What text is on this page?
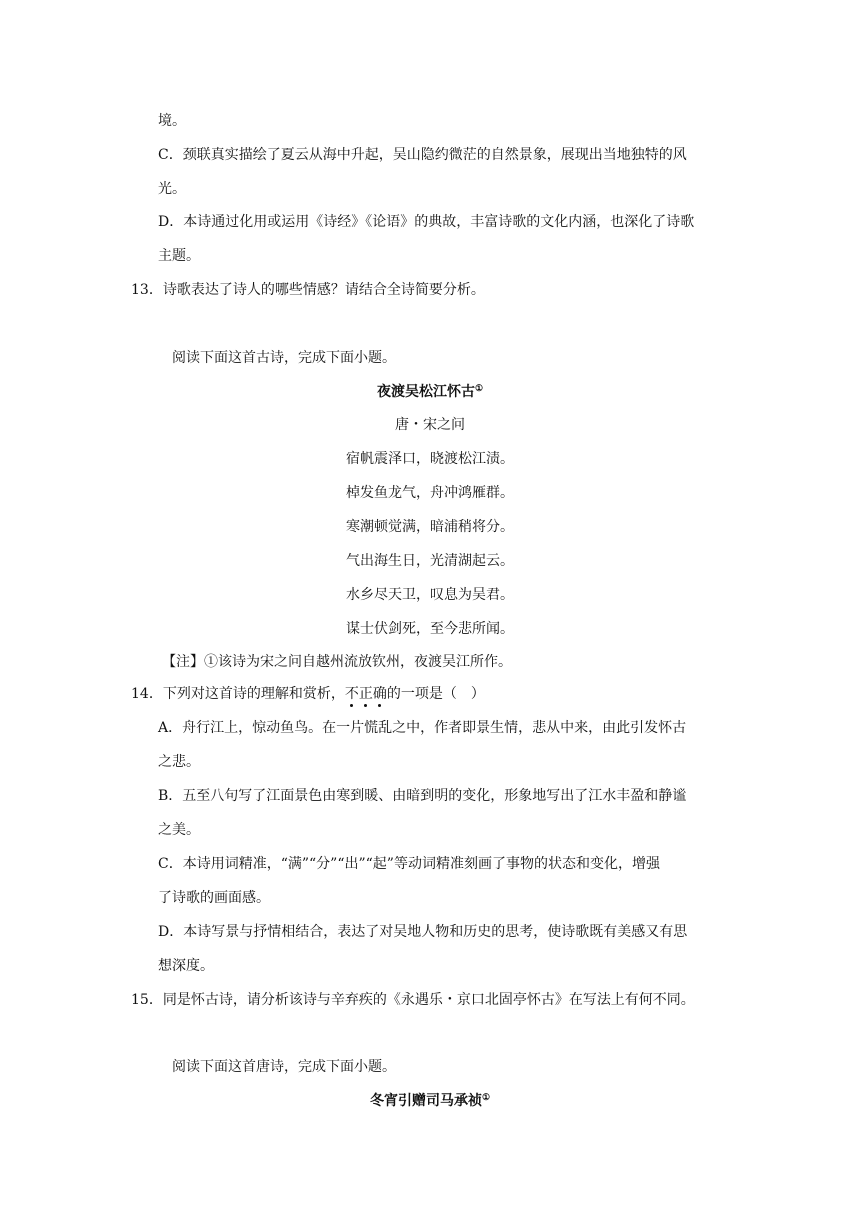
境。
C．颈联真实描绘了夏云从海中升起，吴山隐约微茫的自然景象，展现出当地独特的风
光。
D．本诗通过化用或运用《诗经》《论语》的典故，丰富诗歌的文化内涵，也深化了诗歌
主题。
13．诗歌表达了诗人的哪些情感？请结合全诗简要分析。
阅读下面这首古诗，完成下面小题。
夜渡吴松江怀古①
唐・宋之问
宿帆震泽口，晓渡松江渍。
棹发鱼龙气，舟冲鸿雁群。
寒潮顿觉满，暗浦稍将分。
气出海生日，光清湖起云。
水乡尽天卫，叹息为吴君。
谋士伏剑死，至今悲所闻。
【注】①该诗为宋之问自越州流放钦州，夜渡吴江所作。
14．下列对这首诗的理解和赏析，不正确的一项是（　）
A．舟行江上，惊动鱼鸟。在一片慌乱之中，作者即景生情，悲从中来，由此引发怀古
之悲。
B．五至八句写了江面景色由寒到暖、由暗到明的变化，形象地写出了江水丰盈和静谧
之美。
C．本诗用词精准，“满”“分”“出”“起”等动词精准刻画了事物的状态和变化，增强
了诗歌的画面感。
D．本诗写景与抒情相结合，表达了对吴地人物和历史的思考，使诗歌既有美感又有思
想深度。
15．同是怀古诗，请分析该诗与辛弃疾的《永遇乐・京口北固亭怀古》在写法上有何不同。
阅读下面这首唐诗，完成下面小题。
冬宵引赠司马承祯①
